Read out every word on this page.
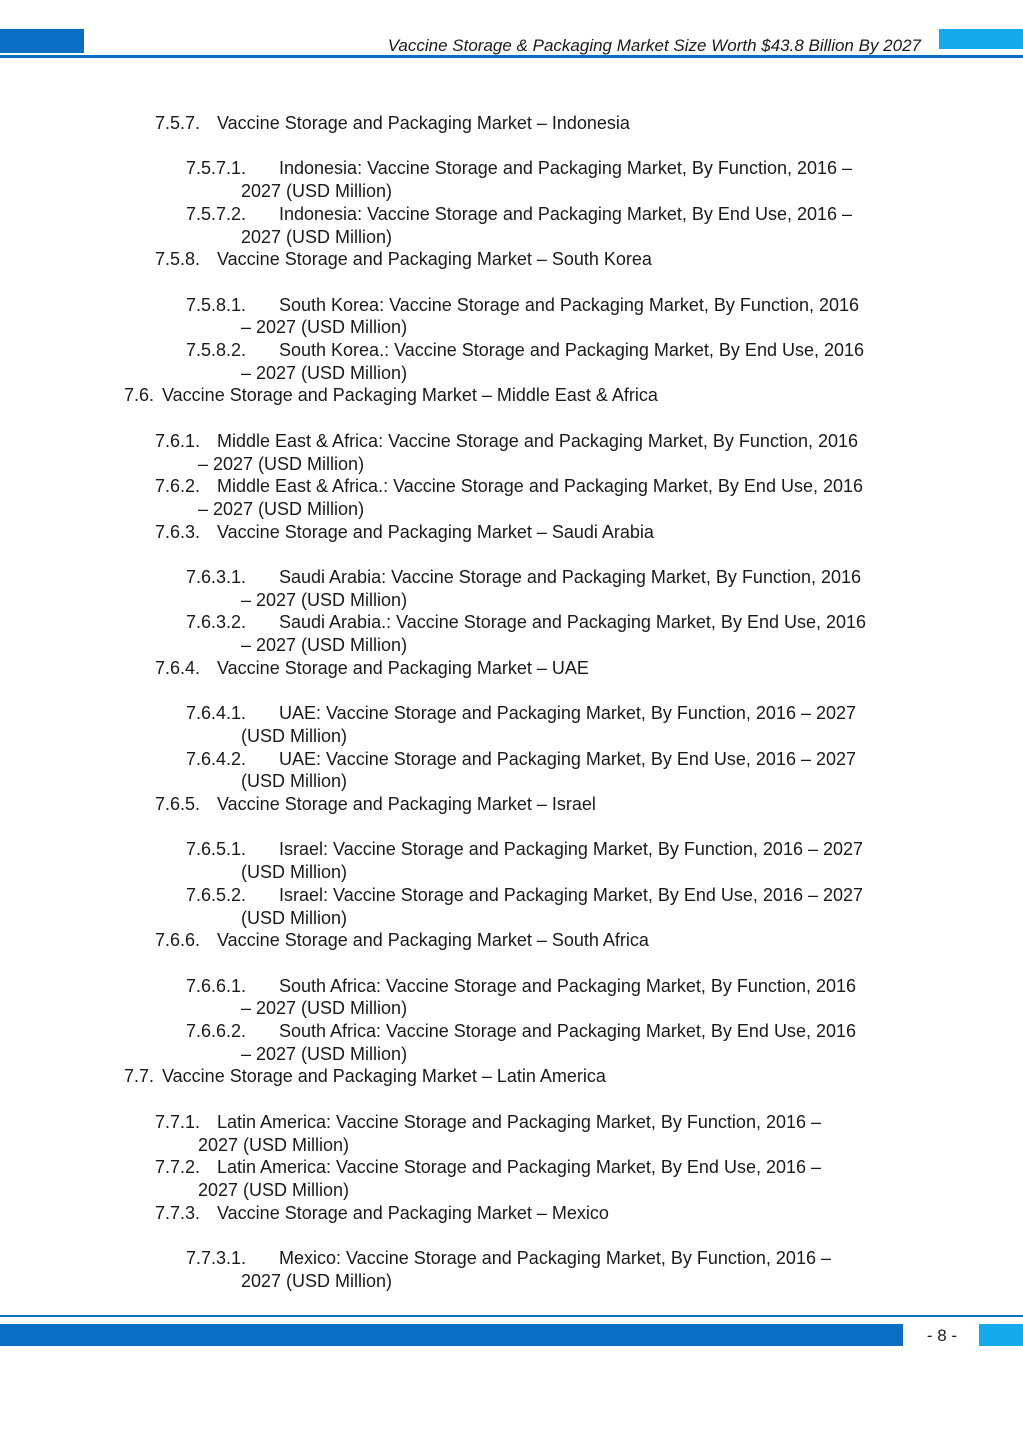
Vaccine Storage & Packaging Market Size Worth $43.8 Billion By 2027
7.5.7. Vaccine Storage and Packaging Market – Indonesia
7.5.7.1.	Indonesia: Vaccine Storage and Packaging Market, By Function, 2016 –
2027 (USD Million)
7.5.7.2.	Indonesia: Vaccine Storage and Packaging Market, By End Use, 2016 –
2027 (USD Million)
7.5.8. Vaccine Storage and Packaging Market – South Korea
7.5.8.1.	South Korea: Vaccine Storage and Packaging Market, By Function, 2016
– 2027 (USD Million)
7.5.8.2.	South Korea.: Vaccine Storage and Packaging Market, By End Use, 2016
– 2027 (USD Million)
7.6. Vaccine Storage and Packaging Market – Middle East & Africa
7.6.1. Middle East & Africa: Vaccine Storage and Packaging Market, By Function, 2016
– 2027 (USD Million)
7.6.2. Middle East & Africa.: Vaccine Storage and Packaging Market, By End Use, 2016
– 2027 (USD Million)
7.6.3. Vaccine Storage and Packaging Market – Saudi Arabia
7.6.3.1.	Saudi Arabia: Vaccine Storage and Packaging Market, By Function, 2016
– 2027 (USD Million)
7.6.3.2.	Saudi Arabia.: Vaccine Storage and Packaging Market, By End Use, 2016
– 2027 (USD Million)
7.6.4. Vaccine Storage and Packaging Market – UAE
7.6.4.1.	UAE: Vaccine Storage and Packaging Market, By Function, 2016 – 2027
(USD Million)
7.6.4.2.	UAE: Vaccine Storage and Packaging Market, By End Use, 2016 – 2027
(USD Million)
7.6.5. Vaccine Storage and Packaging Market – Israel
7.6.5.1.	Israel: Vaccine Storage and Packaging Market, By Function, 2016 – 2027
(USD Million)
7.6.5.2.	Israel: Vaccine Storage and Packaging Market, By End Use, 2016 – 2027
(USD Million)
7.6.6. Vaccine Storage and Packaging Market – South Africa
7.6.6.1.	South Africa: Vaccine Storage and Packaging Market, By Function, 2016
– 2027 (USD Million)
7.6.6.2.	South Africa: Vaccine Storage and Packaging Market, By End Use, 2016
– 2027 (USD Million)
7.7. Vaccine Storage and Packaging Market – Latin America
7.7.1. Latin America: Vaccine Storage and Packaging Market, By Function, 2016 –
2027 (USD Million)
7.7.2. Latin America: Vaccine Storage and Packaging Market, By End Use, 2016 –
2027 (USD Million)
7.7.3. Vaccine Storage and Packaging Market – Mexico
7.7.3.1.	Mexico: Vaccine Storage and Packaging Market, By Function, 2016 –
2027 (USD Million)
- 8 -
